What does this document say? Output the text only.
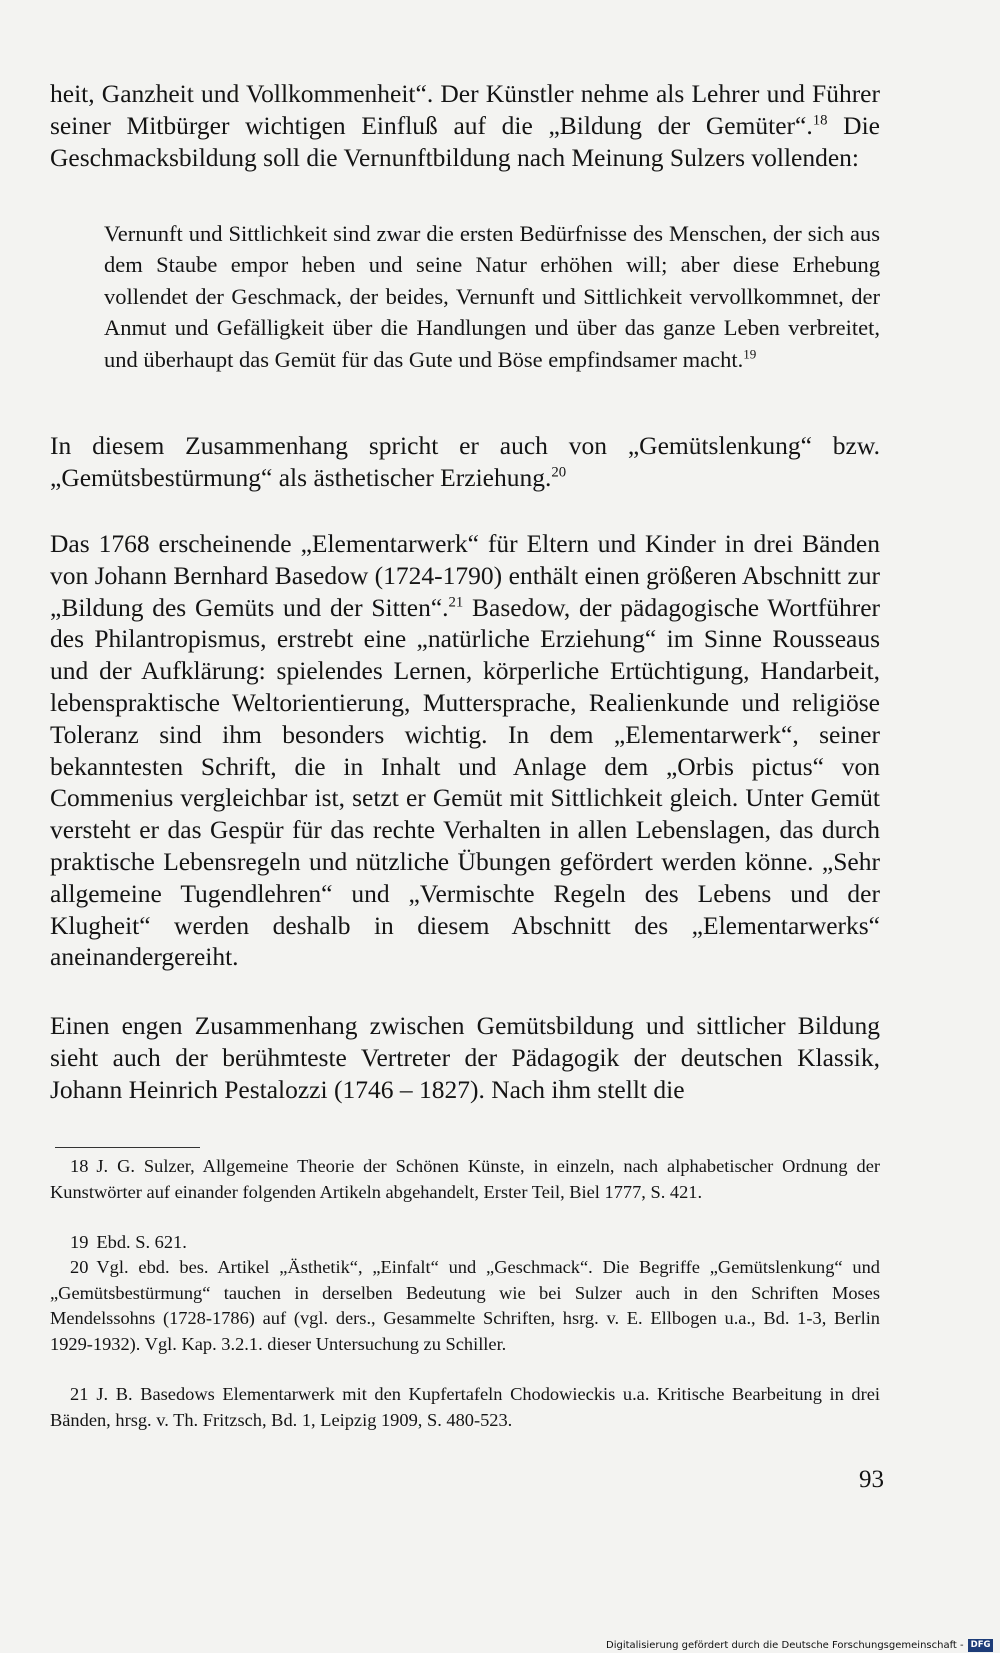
heit, Ganzheit und Vollkommenheit“. Der Künstler nehme als Lehrer und Führer seiner Mitbürger wichtigen Einfluß auf die „Bildung der Gemüter“.$^{18}$ Die Geschmacksbildung soll die Vernunftbildung nach Meinung Sulzers vollenden:

Vernunft und Sittlichkeit sind zwar die ersten Bedürfnisse des Menschen, der sich aus dem Staube empor heben und seine Natur erhöhen will; aber diese Erhebung vollendet der Geschmack, der beides, Vernunft und Sittlichkeit vervollkommnet, der Anmut und Gefälligkeit über die Handlungen und über das ganze Leben verbreitet, und überhaupt das Gemüt für das Gute und Böse empfindsamer macht.$^{19}$

In diesem Zusammenhang spricht er auch von „Gemütslenkung“ bzw. „Gemütsbestürmung“ als ästhetischer Erziehung.$^{20}$

Das 1768 erscheinende „Elementarwerk“ für Eltern und Kinder in drei Bänden von Johann Bernhard Basedow (1724-1790) enthält einen größeren Abschnitt zur „Bildung des Gemüts und der Sitten“.$^{21}$ Basedow, der pädagogische Wortführer des Philantropismus, erstrebt eine „natürliche Erziehung“ im Sinne Rousseaus und der Aufklärung: spielendes Lernen, körperliche Ertüchtigung, Handarbeit, lebenspraktische Weltorientierung, Muttersprache, Realienkunde und religiöse Toleranz sind ihm besonders wichtig. In dem „Elementarwerk“, seiner bekanntesten Schrift, die in Inhalt und Anlage dem „Orbis pictus“ von Commenius vergleichbar ist, setzt er Gemüt mit Sittlichkeit gleich. Unter Gemüt versteht er das Gespür für das rechte Verhalten in allen Lebenslagen, das durch praktische Lebensregeln und nützliche Übungen gefördert werden könne. „Sehr allgemeine Tugendlehren“ und „Vermischte Regeln des Lebens und der Klugheit“ werden deshalb in diesem Abschnitt des „Elementarwerks“ aneinandergereiht.

Einen engen Zusammenhang zwischen Gemütsbildung und sittlicher Bildung sieht auch der berühmteste Vertreter der Pädagogik der deutschen Klassik, Johann Heinrich Pestalozzi (1746 – 1827). Nach ihm stellt die

18 J. G. Sulzer, Allgemeine Theorie der Schönen Künste, in einzeln, nach alphabetischer Ordnung der Kunstwörter auf einander folgenden Artikeln abgehandelt, Erster Teil, Biel 1777, S. 421.

19 Ebd. S. 621.

20 Vgl. ebd. bes. Artikel „Ästhetik“, „Einfalt“ und „Geschmack“. Die Begriffe „Gemütslenkung“ und „Gemütsbestürmung“ tauchen in derselben Bedeutung wie bei Sulzer auch in den Schriften Moses Mendelssohns (1728-1786) auf (vgl. ders., Gesammelte Schriften, hsrg. v. E. Ellbogen u.a., Bd. 1-3, Berlin 1929-1932). Vgl. Kap. 3.2.1. dieser Untersuchung zu Schiller.

21 J. B. Basedows Elementarwerk mit den Kupfertafeln Chodowieckis u.a. Kritische Bearbeitung in drei Bänden, hrsg. v. Th. Fritzsch, Bd. 1, Leipzig 1909, S. 480-523.

93
Digitalisierung gefördert durch die Deutsche Forschungsgemeinschaft - DFG
